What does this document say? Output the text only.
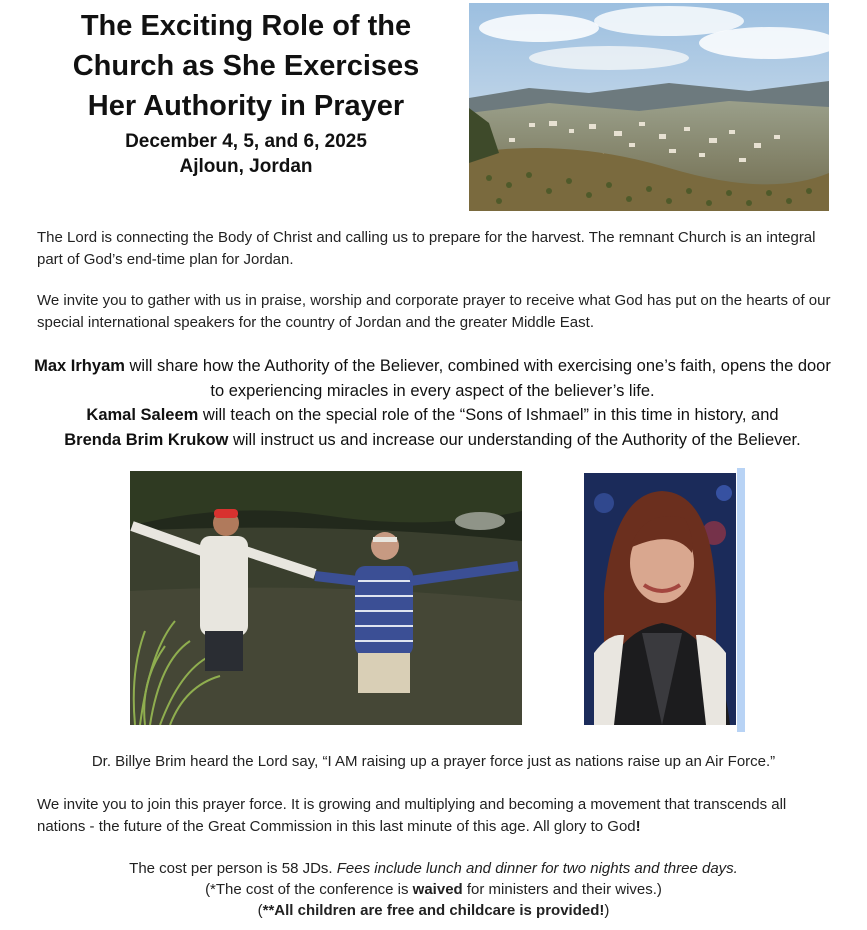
The Exciting Role of the
Church as She Exercises
Her Authority in Prayer

December 4, 5, and 6, 2025

Ajloun, Jordan

The Lord is connecting the Body of Christ and calling us to prepare for the harvest. The remnant Church is an integral part of God’s end-time plan for Jordan.

We invite you to gather with us in praise, worship and corporate prayer to receive what God has put on the hearts of our special international speakers for the country of Jordan and the greater Middle East.

Max Irhyam will share how the Authority of the Believer, combined with exercising one’s faith, opens the door to experiencing miracles in every aspect of the believer’s life.
Kamal Saleem will teach on the special role of the “Sons of Ishmael” in this time in history, and
Brenda Brim Krukow will instruct us and increase our understanding of the Authority of the Believer.

Dr. Billye Brim heard the Lord say, “I AM raising up a prayer force just as nations raise up an Air Force.”

We invite you to join this prayer force. It is growing and multiplying and becoming a movement that transcends all nations - the future of the Great Commission in this last minute of this age. All glory to God!

The cost per person is 58 JDs. Fees include lunch and dinner for two nights and three days.
(*The cost of the conference is waived for ministers and their wives.)
(**All children are free and childcare is provided!)
